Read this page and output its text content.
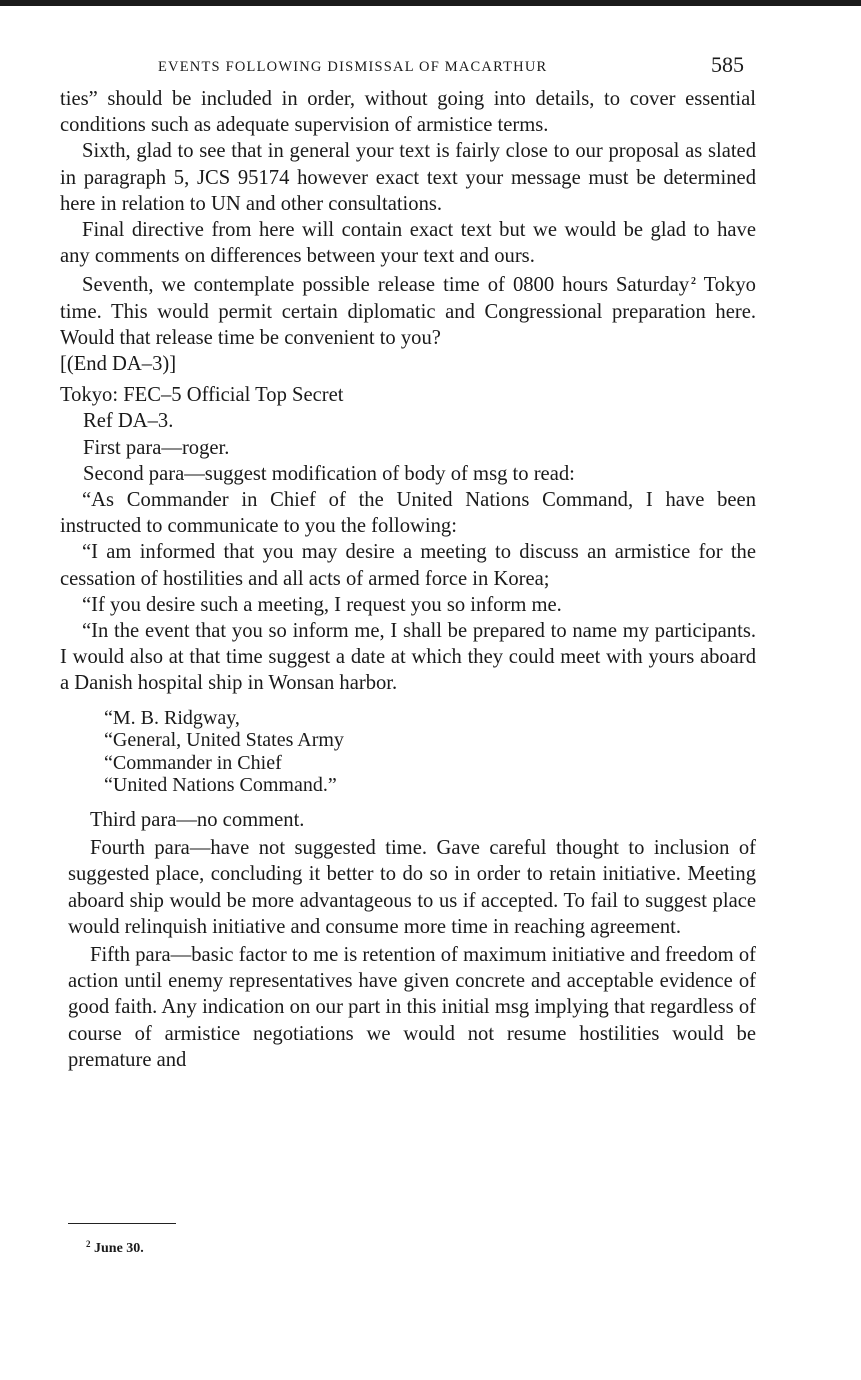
EVENTS FOLLOWING DISMISSAL OF MACARTHUR	585

ties” should be included in order, without going into details, to cover essential conditions such as adequate supervision of armistice terms.

Sixth, glad to see that in general your text is fairly close to our proposal as slated in paragraph 5, JCS 95174 however exact text your message must be determined here in relation to UN and other consultations.

Final directive from here will contain exact text but we would be glad to have any comments on differences between your text and ours.

Seventh, we contemplate possible release time of 0800 hours Saturday  $^2$ Tokyo time. This would permit certain diplomatic and Congressional preparation here. Would that release time be convenient to you?

[(End DA–3)]

Tokyo: FEC–5 Official Top Secret

Ref DA–3.

First para—roger.

Second para—suggest modification of body of msg to read:

“As Commander in Chief of the United Nations Command, I have been instructed to communicate to you the following:

“I am informed that you may desire a meeting to discuss an armistice for the cessation of hostilities and all acts of armed force in Korea;

“If you desire such a meeting, I request you so inform me.

“In the event that you so inform me, I shall be prepared to name my participants. I would also at that time suggest a date at which they could meet with yours aboard a Danish hospital ship in Wonsan harbor.

“M. B. Ridgway,
“General, United States Army
“Commander in Chief
“United Nations Command.”

Third para—no comment.

Fourth para—have not suggested time. Gave careful thought to inclusion of suggested place, concluding it better to do so in order to retain initiative. Meeting aboard ship would be more advantageous to us if accepted. To fail to suggest place would relinquish initiative and consume more time in reaching agreement.

Fifth para—basic factor to me is retention of maximum initiative and freedom of action until enemy representatives have given concrete and acceptable evidence of good faith. Any indication on our part in this initial msg implying that regardless of course of armistice negotiations we would not resume hostilities would be premature and

$^2$ June 30.
